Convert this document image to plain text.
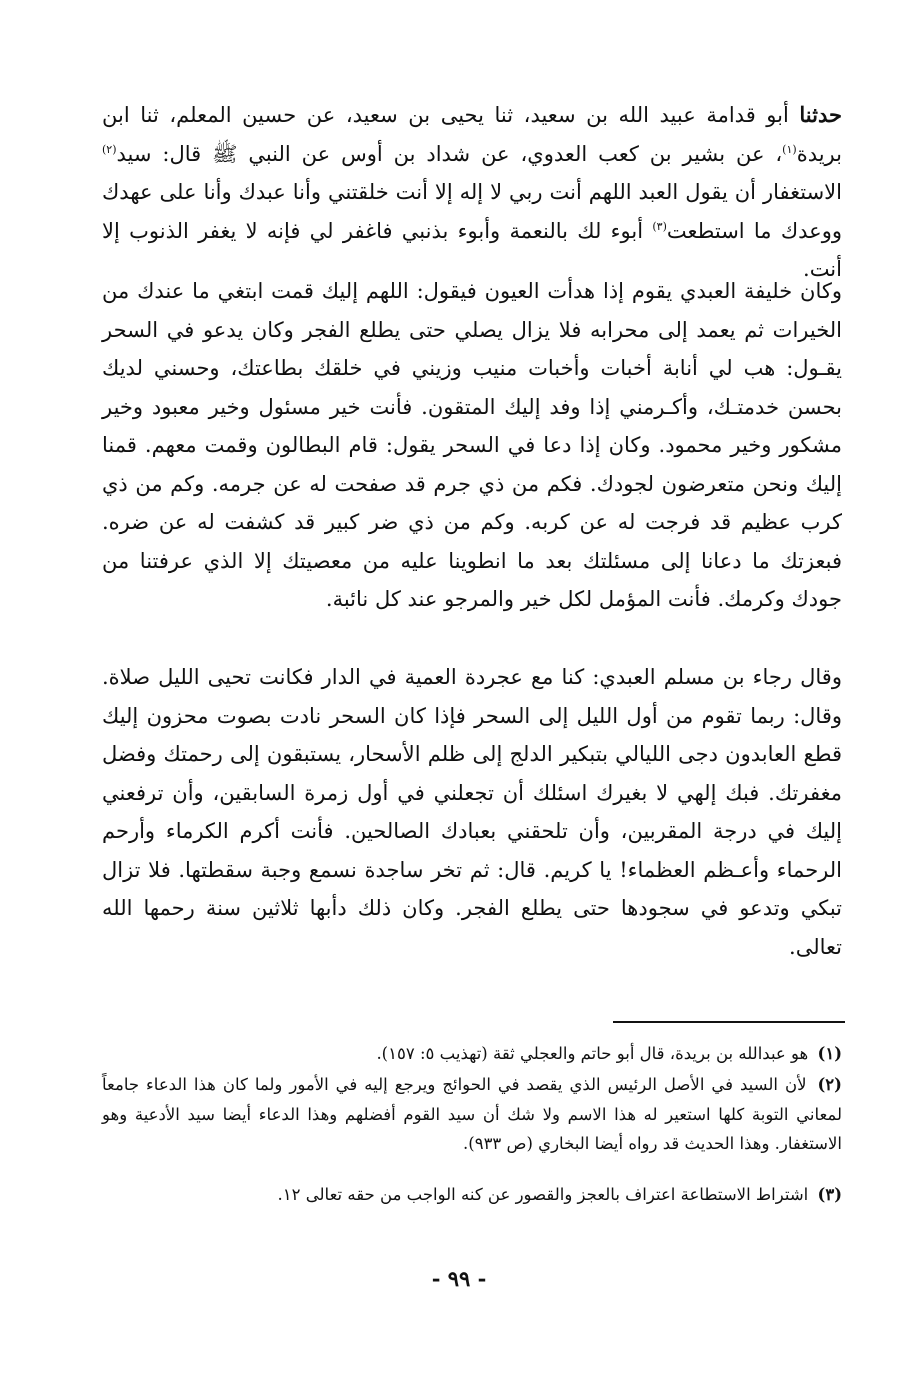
حدثنا أبو قدامة عبيد الله بن سعيد، ثنا يحيى بن سعيد، عن حسين المعلم، ثنا ابن بريدة$^{(١)}$، عن بشير بن كعب العدوي، عن شداد بن أوس عن النبي ﷺ قال: سيد$^{(٢)}$ الاستغفار أن يقول العبد اللهم أنت ربي لا إله إلا أنت خلقتني وأنا عبدك وأنا على عهدك ووعدك ما استطعت$^{(٣)}$ أبوء لك بالنعمة وأبوء بذنبي فاغفر لي فإنه لا يغفر الذنوب إلا أنت.

وكان خليفة العبدي يقوم إذا هدأت العيون فيقول: اللهم إليك قمت ابتغي ما عندك من الخيرات ثم يعمد إلى محرابه فلا يزال يصلي حتى يطلع الفجر وكان يدعو في السحر يقـول: هب لي أنابة أخبات وأخبات منيب وزيني في خلقك بطاعتك، وحسني لديك بحسن خدمتـك، وأكـرمني إذا وفد إليك المتقون. فأنت خير مسئول وخير معبود وخير مشكور وخير محمود. وكان إذا دعا في السحر يقول: قام البطالون وقمت معهم. قمنا إليك ونحن متعرضون لجودك. فكم من ذي جرم قد صفحت له عن جرمه. وكم من ذي كرب عظيم قد فرجت له عن كربه. وكم من ذي ضر كبير قد كشفت له عن ضره. فبعزتك ما دعانا إلى مسئلتك بعد ما انطوينا عليه من معصيتك إلا الذي عرفتنا من جودك وكرمك. فأنت المؤمل لكل خير والمرجو عند كل نائبة.

وقال رجاء بن مسلم العبدي: كنا مع عجردة العمية في الدار فكانت تحيى الليل صلاة. وقال: ربما تقوم من أول الليل إلى السحر فإذا كان السحر نادت بصوت محزون إليك قطع العابدون دجى الليالي بتبكير الدلج إلى ظلم الأسحار، يستبقون إلى رحمتك وفضل مغفرتك. فبك إلهي لا بغيرك اسئلك أن تجعلني في أول زمرة السابقين، وأن ترفعني إليك في درجة المقربين، وأن تلحقني بعبادك الصالحين. فأنت أكرم الكرماء وأرحم الرحماء وأعـظم العظماء! يا كريم. قال: ثم تخر ساجدة نسمع وجبة سقطتها. فلا تزال تبكي وتدعو في سجودها حتى يطلع الفجر. وكان ذلك دأبها ثلاثين سنة رحمها الله تعالى.

(١) هو عبدالله بن بريدة، قال أبو حاتم والعجلي ثقة (تهذيب ٥: ١٥٧).
(٢) لأن السيد في الأصل الرئيس الذي يقصد في الحوائج ويرجع إليه في الأمور ولما كان هذا الدعاء جامعاً لمعاني التوبة كلها استعير له هذا الاسم ولا شك أن سيد القوم أفضلهم وهذا الدعاء أيضا سيد الأدعية وهو الاستغفار. وهذا الحديث قد رواه أيضا البخاري (ص ٩٣٣).
(٣) اشتراط الاستطاعة اعتراف بالعجز والقصور عن كنه الواجب من حقه تعالى ١٢.
- ٩٩ -
